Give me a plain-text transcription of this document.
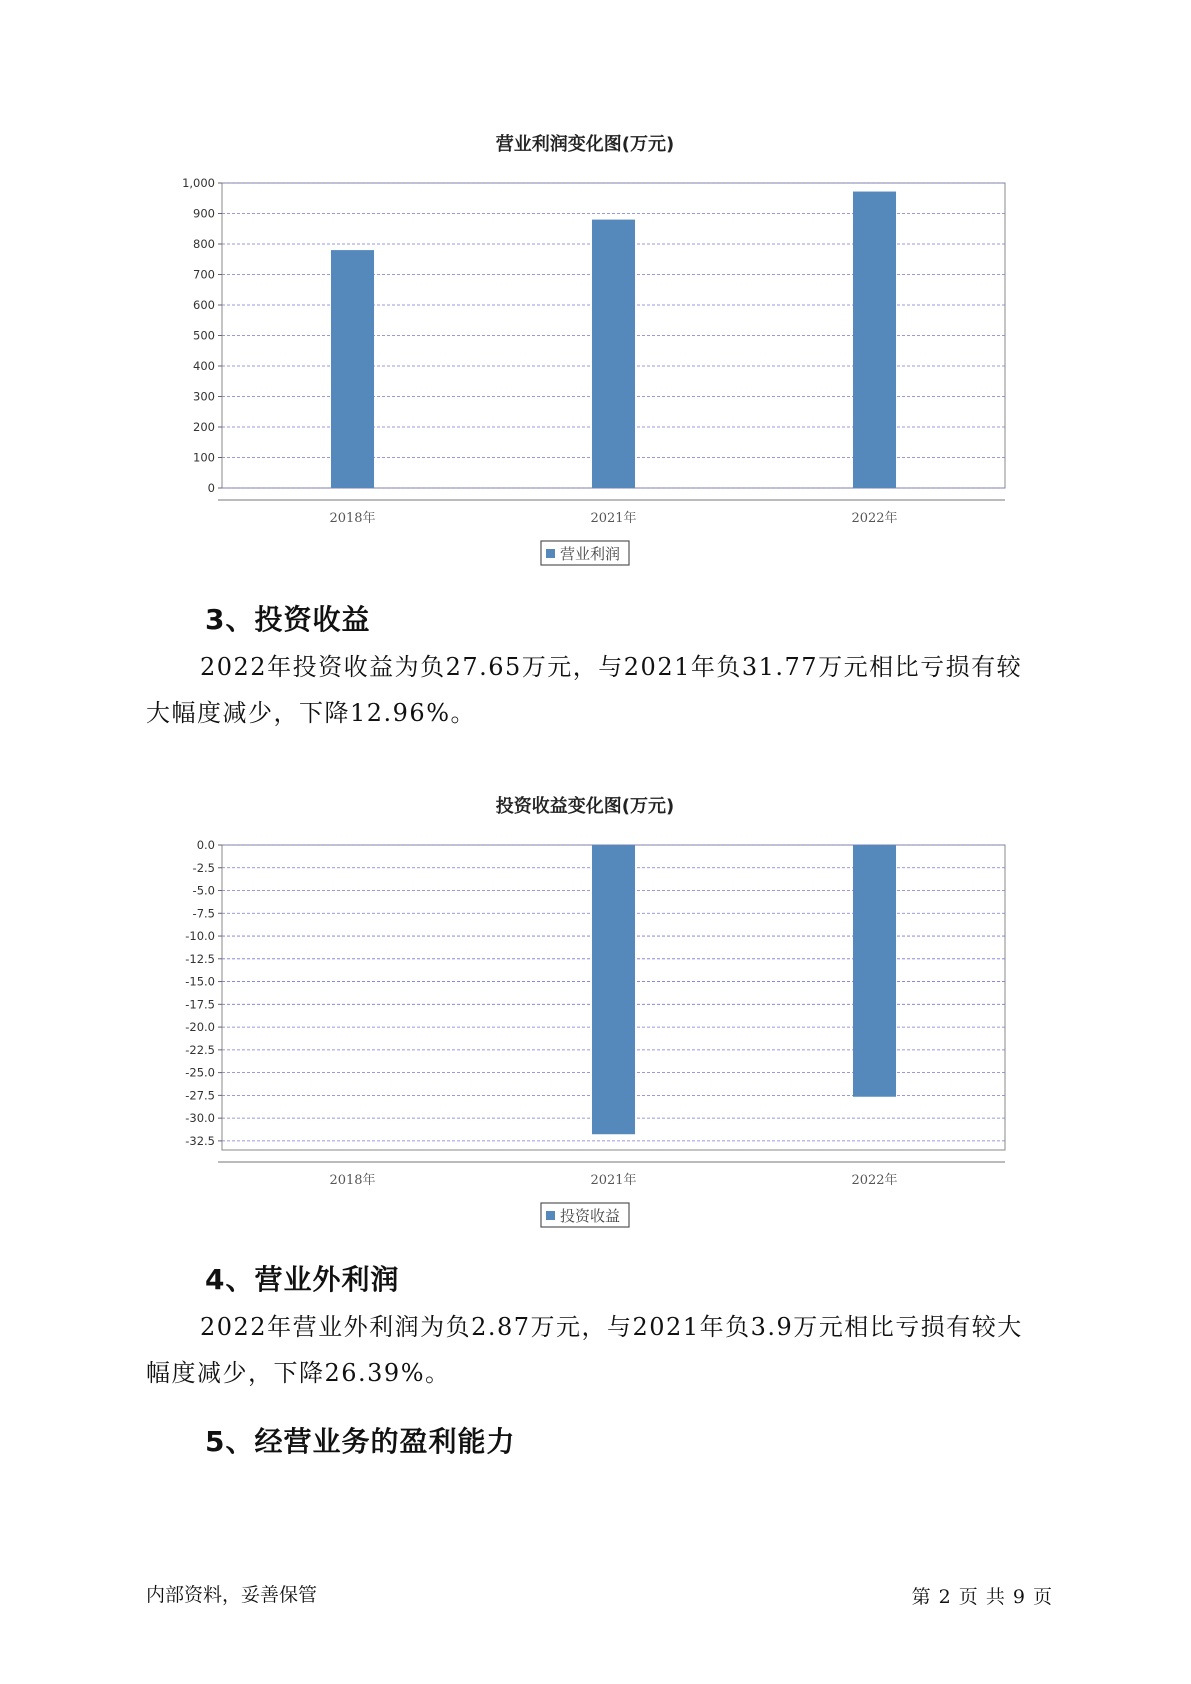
营业利润变化图(万元)
0
100
200
300
400
500
600
700
800
900
1,000
2018年	2021年	2022年
营业利润
3、投资收益

2022年投资收益为负27.65万元，与2021年负31.77万元相比亏损有较大幅度减少，下降12.96%。

投资收益变化图(万元)
0.0
-2.5
-5.0
-7.5
-10.0
-12.5
-15.0
-17.5
-20.0
-22.5
-25.0
-27.5
-30.0
-32.5
2018年	2021年	2022年
投资收益
4、营业外利润

2022年营业外利润为负2.87万元，与2021年负3.9万元相比亏损有较大幅度减少，下降26.39%。

5、经营业务的盈利能力
内部资料，妥善保管	第 2 页 共 9 页
